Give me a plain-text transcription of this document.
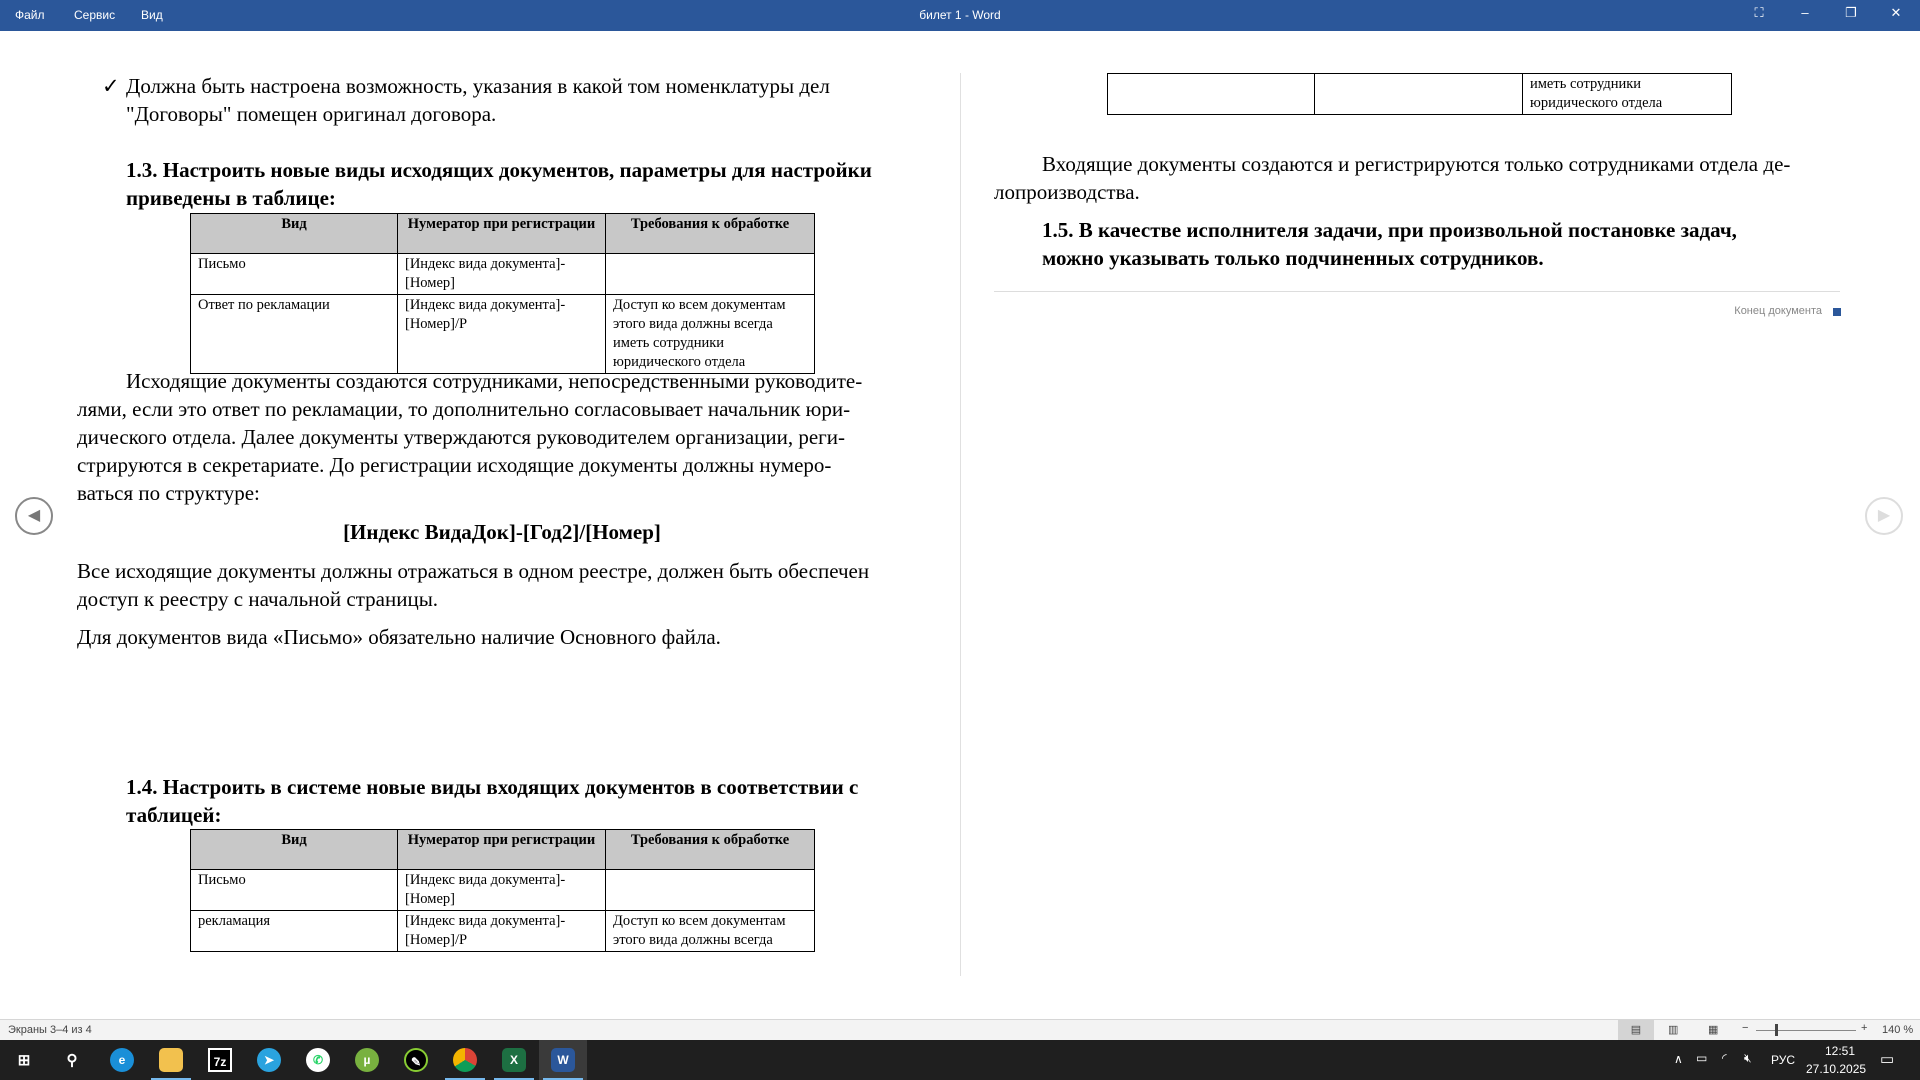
Файл Сервис Вид	билет 1 - Word	⛶	–	❐	✕
✓ Должна быть настроена возможность, указания в какой том номенклатуры дел
"Договоры" помещен оригинал договора.
1.3. Настроить новые виды исходящих документов, параметры для настройки
приведены в таблице:
Вид	Нумератор при регистрации	Требования к обработке
Письмо	[Индекс вида документа]-[Номер]	
Ответ по рекламации	[Индекс вида документа]-[Номер]/Р	Доступ ко всем документам этого вида должны всегда иметь сотрудники юридического отдела
Исходящие документы создаются сотрудниками, непосредственными руководите-
лями, если это ответ по рекламации, то дополнительно согласовывает начальник юри-
дического отдела. Далее документы утверждаются руководителем организации, реги-
стрируются в секретариате. До регистрации исходящие документы должны нумеро-
ваться по структуре:
[Индекс ВидаДок]-[Год2]/[Номер]
Все исходящие документы должны отражаться в одном реестре, должен быть обеспечен
доступ к реестру с начальной страницы.
Для документов вида «Письмо» обязательно наличие Основного файла.
1.4. Настроить в системе новые виды входящих документов в соответствии с
таблицей:
Вид	Нумератор при регистрации	Требования к обработке
Письмо	[Индекс вида документа]-[Номер]	
рекламация	[Индекс вида документа]-[Номер]/Р	Доступ ко всем документам этого вида должны всегда
		иметь сотрудники юридического отдела
Входящие документы создаются и регистрируются только сотрудниками отдела де-
лопроизводства.
1.5. В качестве исполнителя задачи, при произвольной постановке задач,
можно указывать только подчиненных сотрудников.
Конец документа
◀	▶
Экраны 3–4 из 4	▤	▥	▦ −	+ 140 %
⊞	⚲	e	7z	➤	✆	µ	✎	X	W	∧ ▭ ◜ 🔇︎ РУС
12:51
27.10.2025
▭
